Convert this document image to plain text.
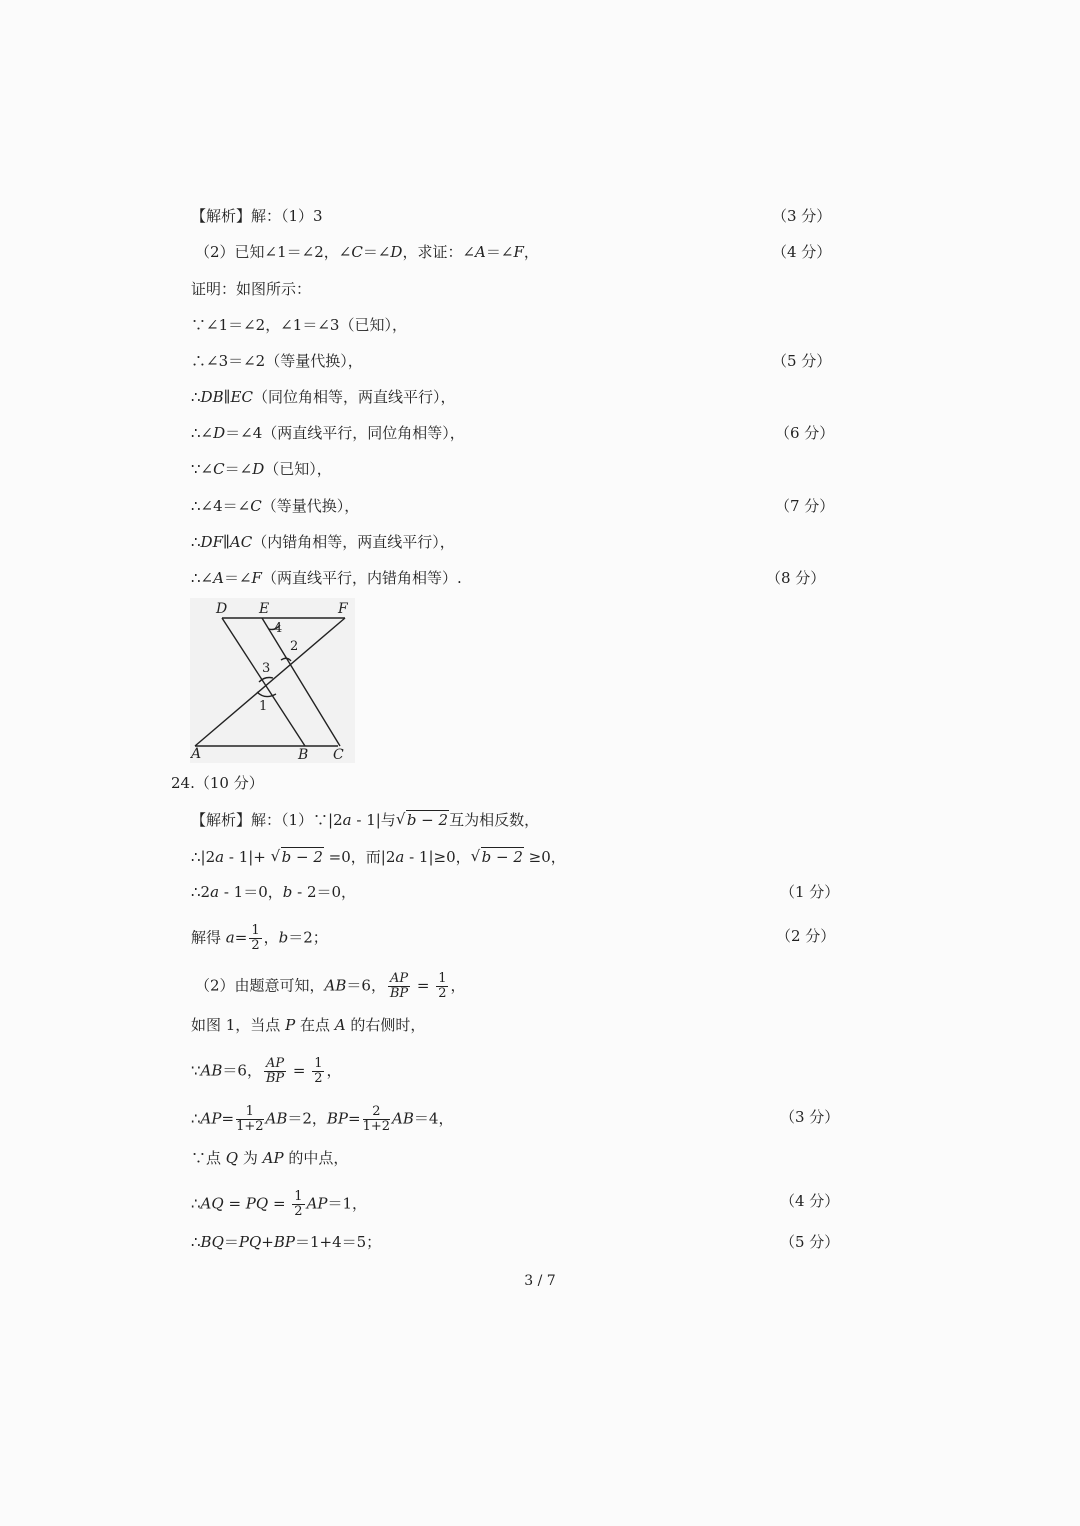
【解析】解：（1）3	（3 分）
（2）已知∠1＝∠2，∠C＝∠D，求证：∠A＝∠F，	（4 分）
证明：如图所示：
∵∠1＝∠2，∠1＝∠3（已知），
∴∠3＝∠2（等量代换），	（5 分）
∴DB∥EC（同位角相等，两直线平行），
∴∠D＝∠4（两直线平行，同位角相等），	（6 分）
∵∠C＝∠D（已知），
∴∠4＝∠C（等量代换），	（7 分）
∴DF∥AC（内错角相等，两直线平行），
∴∠A＝∠F（两直线平行，内错角相等）.	（8 分）
D E	F
A	B C
4
2
3
1
24.（10 分）
【解析】解：（1）∵|2a - 1|与 √ b − 2互为相反数，
∴|2a - 1|+ √ b − 2 =0，而|2a - 1|≥0， √ b − 2 ≥0，
∴2a - 1＝0，b - 2＝0，	（1 分）
解得 $a= \frac{1}{2}$ ，b＝2；	（2 分）
（2）由题意可知，AB＝6， $\frac{AP}{BP} = \frac{1}{2}$ ，
如图 1，当点 P 在点 A 的右侧时，
∵AB＝6， $\frac{AP}{BP} = \frac{1}{2}$ ，
∴AP= $\frac{1}{1+2} AB=2$，$BP= \frac{2}{1+2} AB=4$，	（3 分）
∵点 Q 为 AP 的中点，
∴AQ = PQ = $\frac{1}{2} AP=1$，	（4 分）
∴BQ＝PQ+BP＝1+4＝5；	（5 分）
3 / 7
